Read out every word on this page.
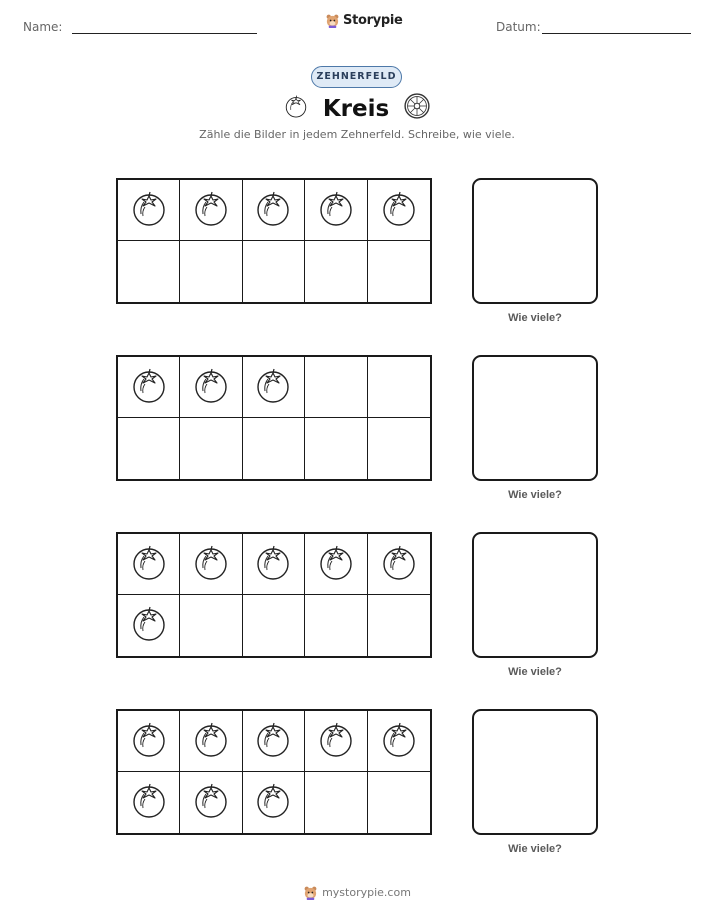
Name:	Storypie	Datum:
ZEHNERFELD
Kreis
Zähle die Bilder in jedem Zehnerfeld. Schreibe, wie viele.
Wie viele?
Wie viele?
Wie viele?
Wie viele?
mystorypie.com
